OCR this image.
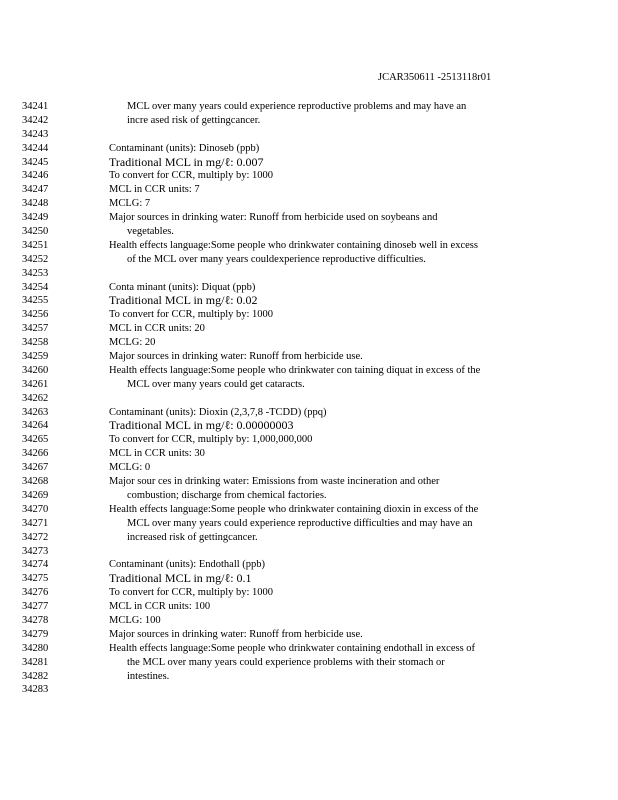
JCAR350611 -2513118r01
34241	MCL over many years could experience reproductive problems and may have an
34242	incre ased risk of gettingcancer.
34243
34244	Contaminant (units): Dinoseb (ppb)
34245	Traditional MCL in mg/ℓ: 0.007
34246	To convert for CCR, multiply by: 1000
34247	MCL in CCR units: 7
34248	MCLG: 7
34249	Major sources in drinking water: Runoff from herbicide used on soybeans and
34250	vegetables.
34251	Health effects language:Some people who drinkwater containing dinoseb well in excess
34252	of the MCL over many years couldexperience reproductive difficulties.
34253
34254	Conta minant (units): Diquat (ppb)
34255	Traditional MCL in mg/ℓ: 0.02
34256	To convert for CCR, multiply by: 1000
34257	MCL in CCR units: 20
34258	MCLG: 20
34259	Major sources in drinking water: Runoff from herbicide use.
34260	Health effects language:Some people who drinkwater con taining diquat in excess of the
34261	MCL over many years could get cataracts.
34262
34263	Contaminant (units): Dioxin (2,3,7,8 -TCDD) (ppq)
34264	Traditional MCL in mg/ℓ: 0.00000003
34265	To convert for CCR, multiply by: 1,000,000,000
34266	MCL in CCR units: 30
34267	MCLG: 0
34268	Major sour ces in drinking water: Emissions from waste incineration and other
34269	combustion; discharge from chemical factories.
34270	Health effects language:Some people who drinkwater containing dioxin in excess of the
34271	MCL over many years could experience reproductive difficulties and may have an
34272	increased risk of gettingcancer.
34273
34274	Contaminant (units): Endothall (ppb)
34275	Traditional MCL in mg/ℓ: 0.1
34276	To convert for CCR, multiply by: 1000
34277	MCL in CCR units: 100
34278	MCLG: 100
34279	Major sources in drinking water: Runoff from herbicide use.
34280	Health effects language:Some people who drinkwater containing endothall in excess of
34281	the MCL over many years could experience problems with their stomach or
34282	intestines.
34283
